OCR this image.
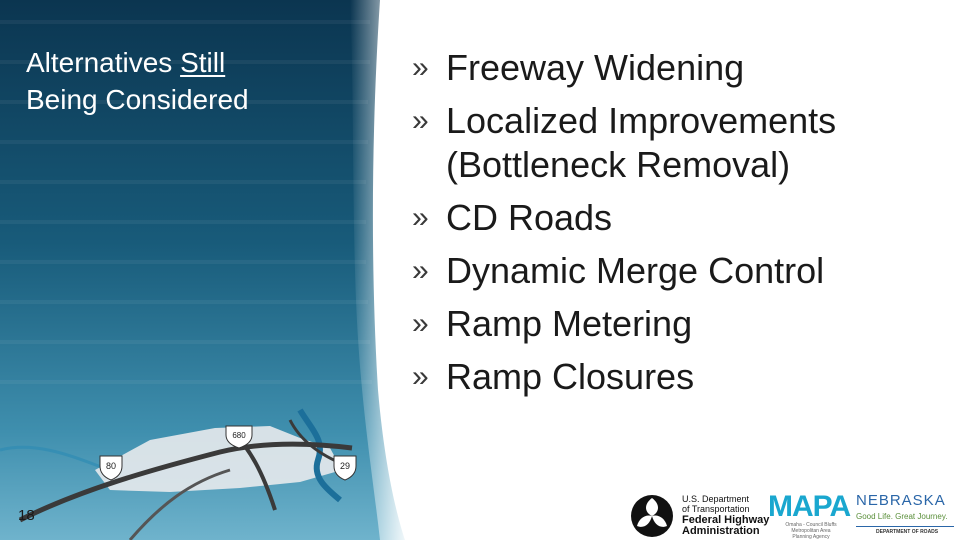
80
680
29
Alternatives Still
Being Considered
18
» Freeway Widening
» Localized Improvements (Bottleneck Removal)
» CD Roads
» Dynamic Merge Control
» Ramp Metering
» Ramp Closures
U.S. Department
of Transportation
Federal Highway
Administration
MAPA
Omaha - Council Bluffs
Metropolitan Area
Planning Agency
NEBRASKA
Good Life. Great Journey.
DEPARTMENT OF ROADS
